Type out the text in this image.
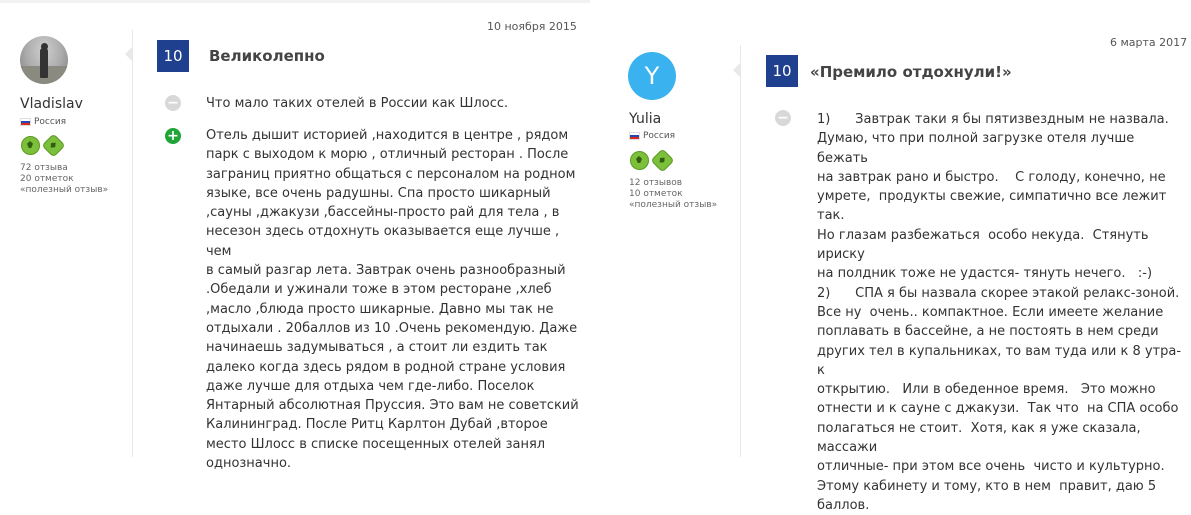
10 ноября 2015
Vladislav
Россия
72 отзыва
20 отметок
«полезный отзыв»
10	Великолепно
− Что мало таких отелей в России как Шлосс.
+ Отель дышит историей ,находится в центре , рядом
парк с выходом к морю , отличный ресторан . После
заграниц приятно общаться с персоналом на родном
языке, все очень радушны. Спа просто шикарный
,сауны ,джакузи ,бассейны-просто рай для тела , в
несезон здесь отдохнуть оказывается еще лучше , чем
в самый разгар лета. Завтрак очень разнообразный
.Обедали и ужинали тоже в этом ресторане ,хлеб
,масло ,блюда просто шикарные. Давно мы так не
отдыхали . 20баллов из 10 .Очень рекомендую. Даже
начинаешь задумываться , а стоит ли ездить так
далеко когда здесь рядом в родной стране условия
даже лучше для отдыха чем где-либо. Поселок
Янтарный абсолютная Пруссия. Это вам не советский
Калининград. После Ритц Карлтон Дубай ,второе
место Шлосс в списке посещенных отелей занял
однозначно.
6 марта 2017
Y
Yulia
Россия
12 отзывов
10 отметок
«полезный отзыв»
10	«Премило отдохнули!»
− 1)      Завтрак таки я бы пятизвездным не назвала.
Думаю, что при полной загрузке отеля лучше бежать
на завтрак рано и быстро.    С голоду, конечно, не
умрете,  продукты свежие, симпатично все лежит так.
Но глазам разбежаться  особо некуда.  Стянуть ириску
на полдник тоже не удастся- тянуть нечего.   :-)
2)      СПА я бы назвала скорее этакой релакс-зоной.
Все ну  очень.. компактное. Если имеете желание
поплавать в бассейне, а не постоять в нем среди
других тел в купальниках, то вам туда или к 8 утра- к
открытию.   Или в обеденное время.   Это можно
отнести и к сауне с джакузи.  Так что  на СПА особо
полагаться не стоит.  Хотя, как я уже сказала, массажи
отличные- при этом все очень  чисто и культурно.
Этому кабинету и тому, кто в нем  правит, даю 5
баллов.
